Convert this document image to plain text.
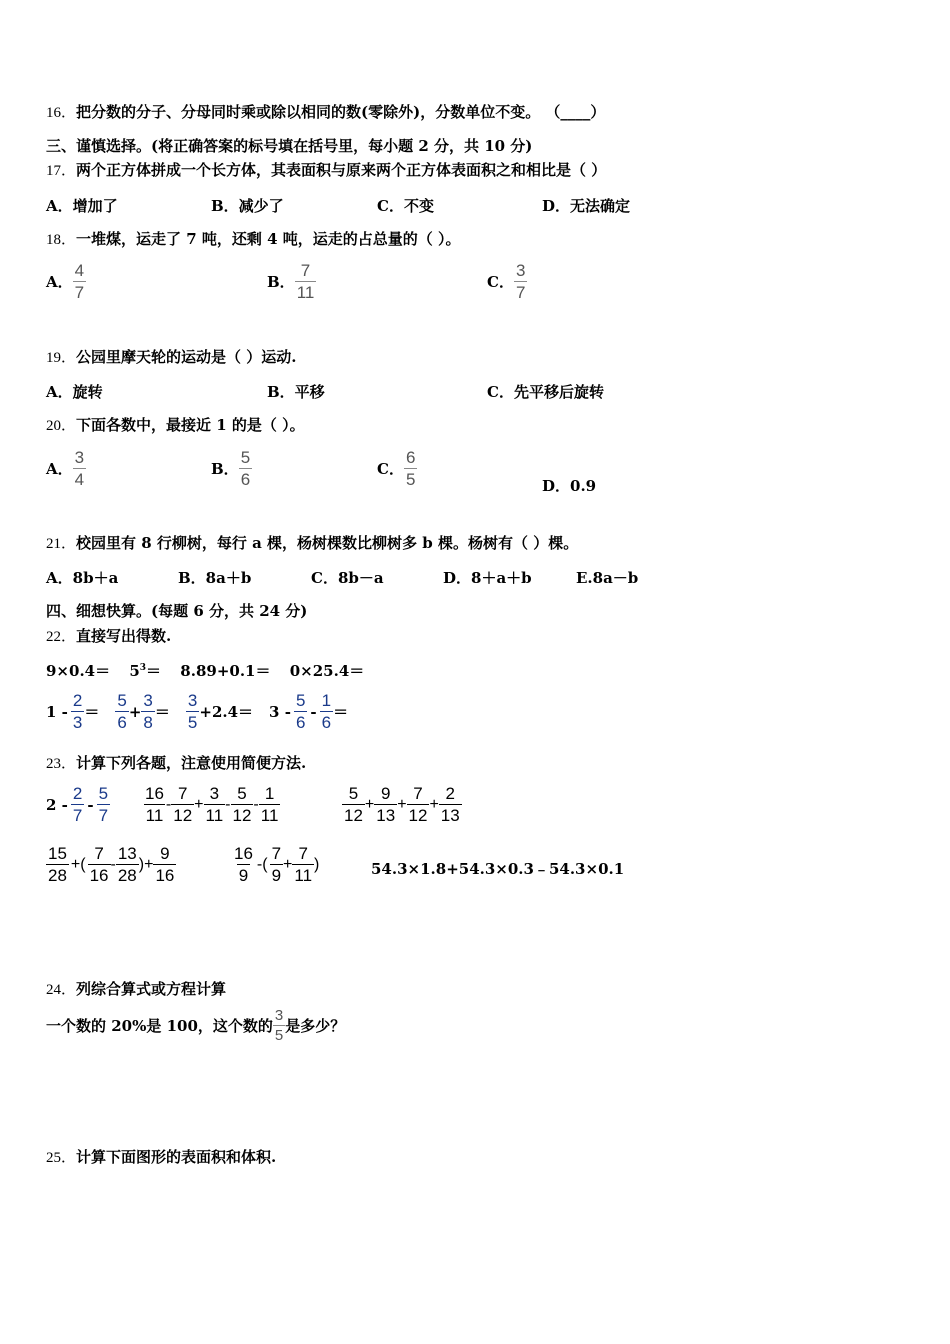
16．把分数的分子、分母同时乘或除以相同的数(零除外)，分数单位不变。 （____）
三、谨慎选择。(将正确答案的标号填在括号里，每小题 2 分，共 10 分)
17．两个正方体拼成一个长方体，其表面积与原来两个正方体表面积之和相比是（ ）
A．增加了	B．减少了	C．不变	D．无法确定
18．一堆煤，运走了 7 吨，还剩 4 吨，运走的占总量的（ ）。
A． $\frac{4}{7}$	B． $\frac{7}{11}$	C． $\frac{3}{7}$
19．公园里摩天轮的运动是（ ）运动.
A．旋转	B．平移	C．先平移后旋转
20．下面各数中，最接近 1 的是（ ）。
A． $\frac{3}{4}$	B． $\frac{5}{6}$	C． $\frac{6}{5}$	D．0.9
21．校园里有 8 行柳树，每行 a 棵，杨树棵数比柳树多 b 棵。杨树有（ ）棵。
A．8b＋a	B．8a＋b	C．8b－a	D．8＋a＋b	E.8a－b
四、细想快算。(每题 6 分，共 24 分)
22．直接写出得数.
$9\times 0.4= 5^3= 8.89+0.1= 0\times 25.4=$
$1 - \frac{2}{3} = \frac{5}{6} + \frac{3}{8} = \frac{3}{5} +2.4= 3 - \frac{5}{6} - \frac{1}{6}$ ＝
23．计算下列各题，注意使用简便方法.
$2 - \frac{2}{7} - \frac{5}{7} \frac{16}{11} - \frac{7}{12} + \frac{3}{11} - \frac{5}{12} - \frac{1}{11}$	$\frac{5}{12} + \frac{9}{13} + \frac{7}{12} + \frac{2}{13}$
$\frac{15}{28}$ +( $\frac{7}{16} - \frac{13}{28}$ )+ $\frac{9}{16}$	$\frac{16}{9}$ -( $\frac{7}{9} + \frac{7}{11}$ )	54.3×1.8+54.3×0.3﹣54.3×0.1
24．列综合算式或方程计算
一个数的 20%是 100，这个数的 $\frac{3}{5}$ 是多少？
25．计算下面图形的表面积和体积.
